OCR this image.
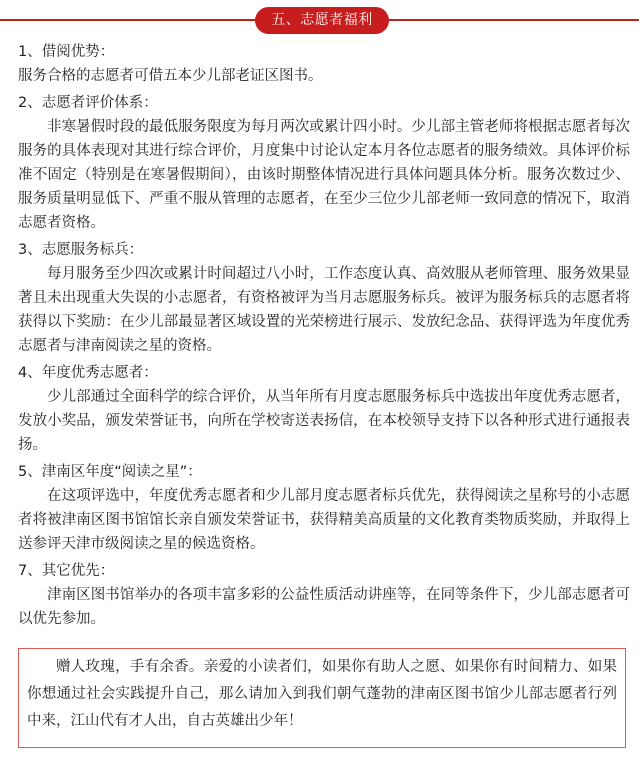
五、志愿者福利

1、借阅优势：

服务合格的志愿者可借五本少儿部老证区图书。

2、志愿者评价体系：

非寒暑假时段的最低服务限度为每月两次或累计四小时。少儿部主管老师将根据志愿者每次服务的具体表现对其进行综合评价，月度集中讨论认定本月各位志愿者的服务绩效。具体评价标准不固定（特别是在寒暑假期间），由该时期整体情况进行具体问题具体分析。服务次数过少、服务质量明显低下、严重不服从管理的志愿者，在至少三位少儿部老师一致同意的情况下，取消志愿者资格。

3、志愿服务标兵：

每月服务至少四次或累计时间超过八小时，工作态度认真、高效服从老师管理、服务效果显著且未出现重大失误的小志愿者，有资格被评为当月志愿服务标兵。被评为服务标兵的志愿者将获得以下奖励：在少儿部最显著区域设置的光荣榜进行展示、发放纪念品、获得评选为年度优秀志愿者与津南阅读之星的资格。

4、年度优秀志愿者：

少儿部通过全面科学的综合评价，从当年所有月度志愿服务标兵中选拔出年度优秀志愿者，发放小奖品，颁发荣誉证书，向所在学校寄送表扬信，在本校领导支持下以各种形式进行通报表扬。

5、津南区年度“阅读之星”：

在这项评选中，年度优秀志愿者和少儿部月度志愿者标兵优先，获得阅读之星称号的小志愿者将被津南区图书馆馆长亲自颁发荣誉证书，获得精美高质量的文化教育类物质奖励，并取得上送参评天津市级阅读之星的候选资格。

7、其它优先：

津南区图书馆举办的各项丰富多彩的公益性质活动讲座等，在同等条件下，少儿部志愿者可以优先参加。

赠人玫瑰，手有余香。亲爱的小读者们，如果你有助人之愿、如果你有时间精力、如果你想通过社会实践提升自己，那么请加入到我们朝气蓬勃的津南区图书馆少儿部志愿者行列中来，江山代有才人出，自古英雄出少年！
